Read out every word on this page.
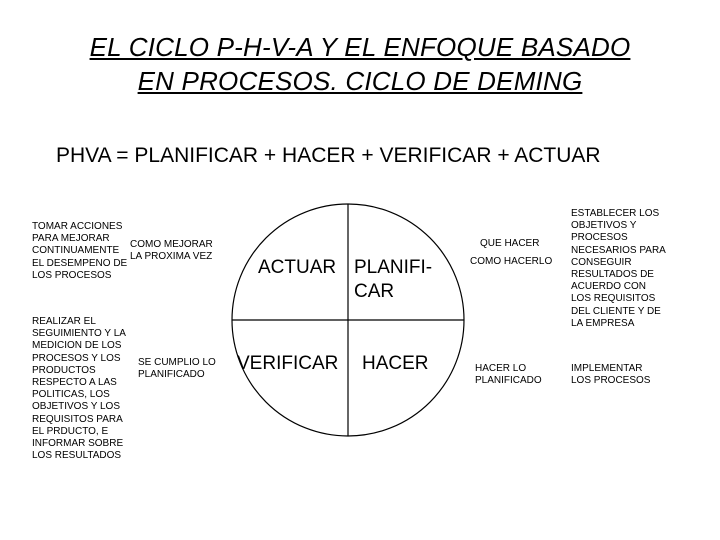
EL CICLO P-H-V-A Y EL ENFOQUE BASADO
EN PROCESOS. CICLO DE DEMING
PHVA = PLANIFICAR + HACER + VERIFICAR + ACTUAR
ACTUAR PLANIFI-
CAR
VERIFICAR HACER
TOMAR ACCIONES PARA MEJORAR CONTINUAMENTE EL DESEMPENO DE LOS PROCESOS
REALIZAR EL SEGUIMIENTO Y LA MEDICION DE LOS PROCESOS Y LOS PRODUCTOS RESPECTO A LAS POLITICAS, LOS OBJETIVOS Y LOS REQUISITOS PARA EL PRDUCTO, E INFORMAR SOBRE LOS RESULTADOS
COMO MEJORAR LA PROXIMA VEZ
SE CUMPLIO LO PLANIFICADO
QUE HACER
COMO HACERLO
HACER LO PLANIFICADO
ESTABLECER LOS OBJETIVOS Y PROCESOS NECESARIOS PARA CONSEGUIR RESULTADOS DE ACUERDO CON LOS REQUISITOS DEL CLIENTE Y DE LA EMPRESA
IMPLEMENTAR LOS PROCESOS
